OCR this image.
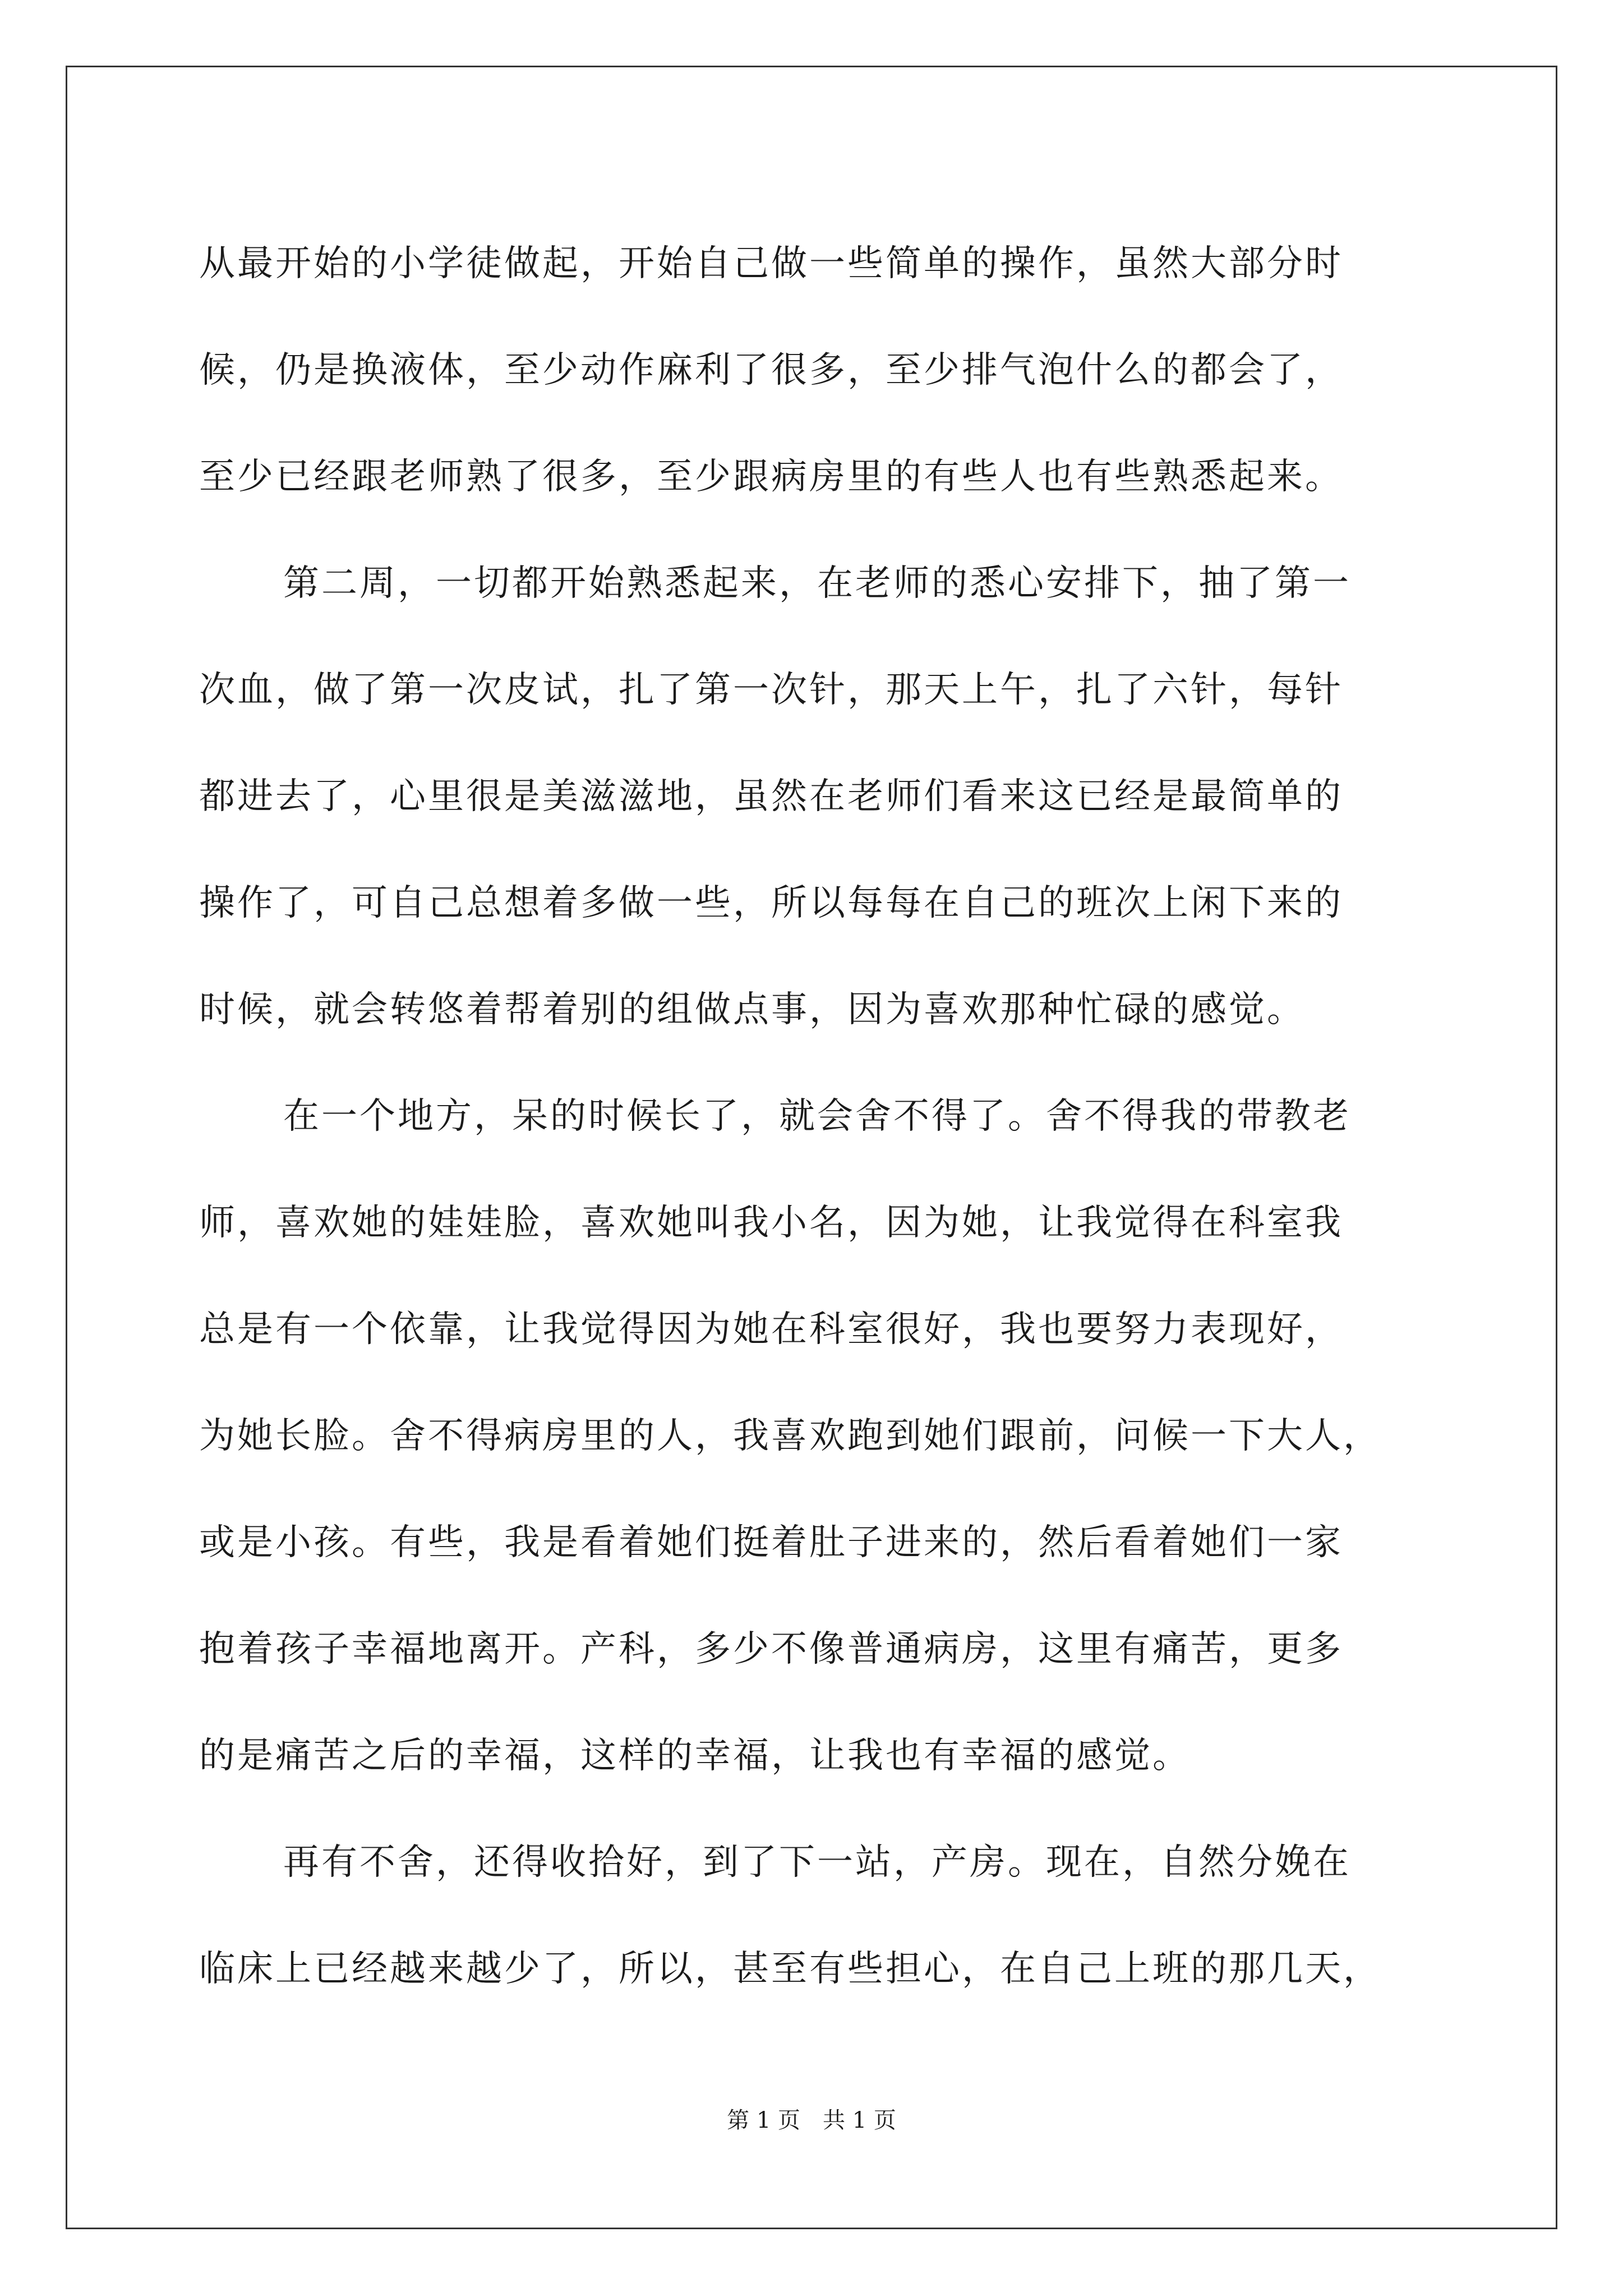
从最开始的小学徒做起，开始自己做一些简单的操作，虽然大部分时
候，仍是换液体，至少动作麻利了很多，至少排气泡什么的都会了，
至少已经跟老师熟了很多，至少跟病房里的有些人也有些熟悉起来。
第二周，一切都开始熟悉起来，在老师的悉心安排下，抽了第一
次血，做了第一次皮试，扎了第一次针，那天上午，扎了六针，每针
都进去了，心里很是美滋滋地，虽然在老师们看来这已经是最简单的
操作了，可自己总想着多做一些，所以每每在自己的班次上闲下来的
时候，就会转悠着帮着别的组做点事，因为喜欢那种忙碌的感觉。
在一个地方，呆的时候长了，就会舍不得了。舍不得我的带教老
师，喜欢她的娃娃脸，喜欢她叫我小名，因为她，让我觉得在科室我
总是有一个依靠，让我觉得因为她在科室很好，我也要努力表现好，
为她长脸。舍不得病房里的人，我喜欢跑到她们跟前，问候一下大人，
或是小孩。有些，我是看着她们挺着肚子进来的，然后看着她们一家
抱着孩子幸福地离开。产科，多少不像普通病房，这里有痛苦，更多
的是痛苦之后的幸福，这样的幸福，让我也有幸福的感觉。
再有不舍，还得收拾好，到了下一站，产房。现在，自然分娩在
临床上已经越来越少了，所以，甚至有些担心，在自己上班的那几天，
第 1 页　共 1 页
